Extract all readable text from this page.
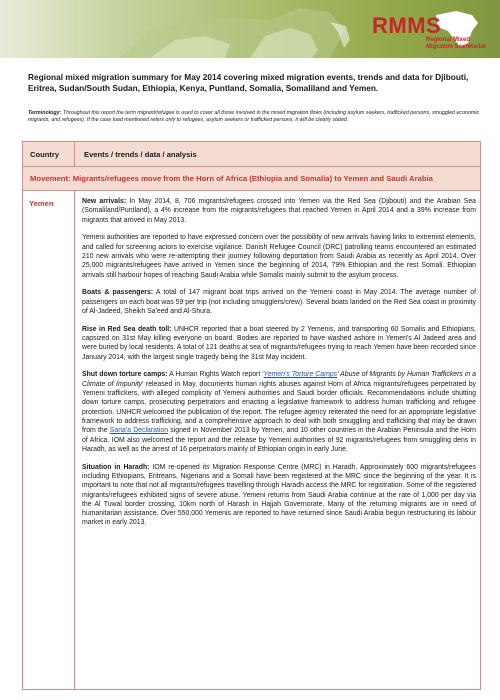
RMMS
Regional Mixed Migration Secretariat
Regional mixed migration summary for May 2014 covering mixed migration events, trends and data for Djibouti, Eritrea, Sudan/South Sudan, Ethiopia, Kenya, Puntland, Somalia, Somaliland and Yemen.
Terminology: Throughout this report the term migrant/refugee is used to cover all those involved in the mixed migration flows (including asylum seekers, trafficked persons, smuggled economic migrants, and refugees). If the case load mentioned refers only to refugees, asylum seekers or trafficked persons, it will be clearly stated.
Country	Events / trends / data / analysis
Movement: Migrants/refugees move from the Horn of Africa (Ethiopia and Somalia) to Yemen and Saudi Arabia
Yemen	New arrivals: In May 2014, 8, 706 migrants/refugees crossed into Yemen via the Red Sea (Djibouti) and the Arabian Sea (Somaliland/Puntland), a 4% increase from the migrants/refugees that reached Yemen in April 2014 and a 39% increase from migrants that arrived in May 2013.

Yemeni authorities are reported to have expressed concern over the possibility of new arrivals having links to extremist elements, and called for screening actors to exercise vigilance. Danish Refugee Council (DRC) patrolling teams encountered an estimated 210 new arrivals who were re-attempting their journey following deportation from Saudi Arabia as recently as April 2014. Over 25,000 migrants/refugees have arrived in Yemen since the beginning of 2014, 79% Ethiopian and the rest Somali. Ethiopian arrivals still harbour hopes of reaching Saudi Arabia while Somalis mainly submit to the asylum process.

Boats & passengers: A total of 147 migrant boat trips arrived on the Yemeni coast in May 2014. The average number of passengers on each boat was 59 per trip (not including smugglers/crew). Several boats landed on the Red Sea coast in proximity of Al-Jadeed, Sheikh Sa'eed and Al-Shura.

Rise in Red Sea death toll: UNHCR reported that a boat steered by 2 Yemenis, and transporting 60 Somalis and Ethiopians, capsized on 31st May killing everyone on board. Bodies are reported to have washed ashore in Yemen's Al Jadeed area and were buried by local residents. A total of 121 deaths at sea of migrants/refugees trying to reach Yemen have been recorded since January 2014, with the largest single tragedy being the 31st May incident.

Shut down torture camps: A Human Rights Watch report 'Yemen's Torture Camps' Abuse of Migrants by Human Traffickers in a Climate of Impunity' released in May, documents human rights abuses against Horn of Africa migrants/refugees perpetrated by Yemeni traffickers, with alleged complicity of Yemeni authorities and Saudi border officials. Recommendations include shutting down torture camps, prosecuting perpetrators and enacting a legislative framework to address human trafficking and refugee protection. UNHCR welcomed the publication of the report. The refugee agency reiterated the need for an appropriate legislative framework to address trafficking, and a comprehensive approach to deal with both smuggling and trafficking that may be drawn from the Sana'a Declaration signed in November 2013 by Yemen, and 10 other countries in the Arabian Peninsula and the Horn of Africa. IOM also welcomed the report and the release by Yemeni authorities of 92 migrants/refugees from smuggling dens in Haradh, as well as the arrest of 16 perpetrators mainly of Ethiopian origin in early June.

Situation in Haradh: IOM re-opened its Migration Response Centre (MRC) in Haradh. Approximately 600 migrants/refugees including Ethiopians, Eritreans, Nigerians and a Somali have been registered at the MRC since the beginning of the year. It is important to note that not all migrants/refugees travelling through Haradh access the MRC for registration. Some of the registered migrants/refugees exhibited signs of severe abuse. Yemeni returns from Saudi Arabia continue at the rate of 1,000 per day via the Al Tuwal border crossing, 10km north of Harash in Hajjah Governorate. Many of the returning migrants are in need of humanitarian assistance. Over 550,000 Yemenis are reported to have returned since Saudi Arabia begun restructuring its labour market in early 2013.
